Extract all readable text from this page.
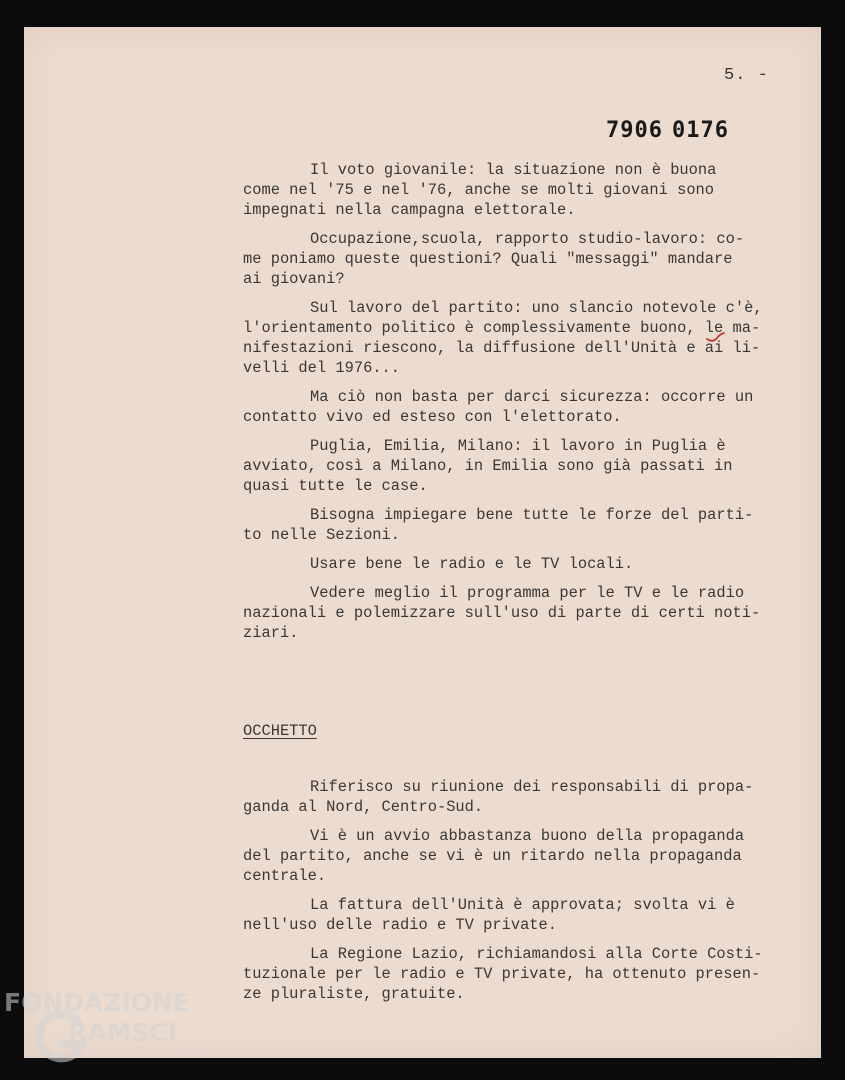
5. -
7906 0176

Il voto giovanile: la situazione non è buona
come nel '75 e nel '76, anche se molti giovani sono
impegnati nella campagna elettorale.

Occupazione,scuola, rapporto studio-lavoro: co-
me poniamo queste questioni? Quali "messaggi" mandare
ai giovani?

Sul lavoro del partito: uno slancio notevole c'è,
l'orientamento politico è complessivamente buono, le ma-
nifestazioni riescono, la diffusione dell'Unità e ai li-
velli del 1976...

Ma ciò non basta per darci sicurezza: occorre un
contatto vivo ed esteso con l'elettorato.

Puglia, Emilia, Milano: il lavoro in Puglia è
avviato, così a Milano, in Emilia sono già passati in
quasi tutte le case.

Bisogna impiegare bene tutte le forze del parti-
to nelle Sezioni.

Usare bene le radio e le TV locali.

Vedere meglio il programma per le TV e le radio
nazionali e polemizzare sull'uso di parte di certi noti-
ziari.

OCCHETTO

Riferisco su riunione dei responsabili di propa-
ganda al Nord, Centro-Sud.

Vi è un avvio abbastanza buono della propaganda
del partito, anche se vi è un ritardo nella propaganda
centrale.

La fattura dell'Unità è approvata; svolta vi è
nell'uso delle radio e TV private.

La Regione Lazio, richiamandosi alla Corte Costi-
tuzionale per le radio e TV private, ha ottenuto presen-
ze pluraliste, gratuite.

FONDAZIONE
RAMSCI
onlus
